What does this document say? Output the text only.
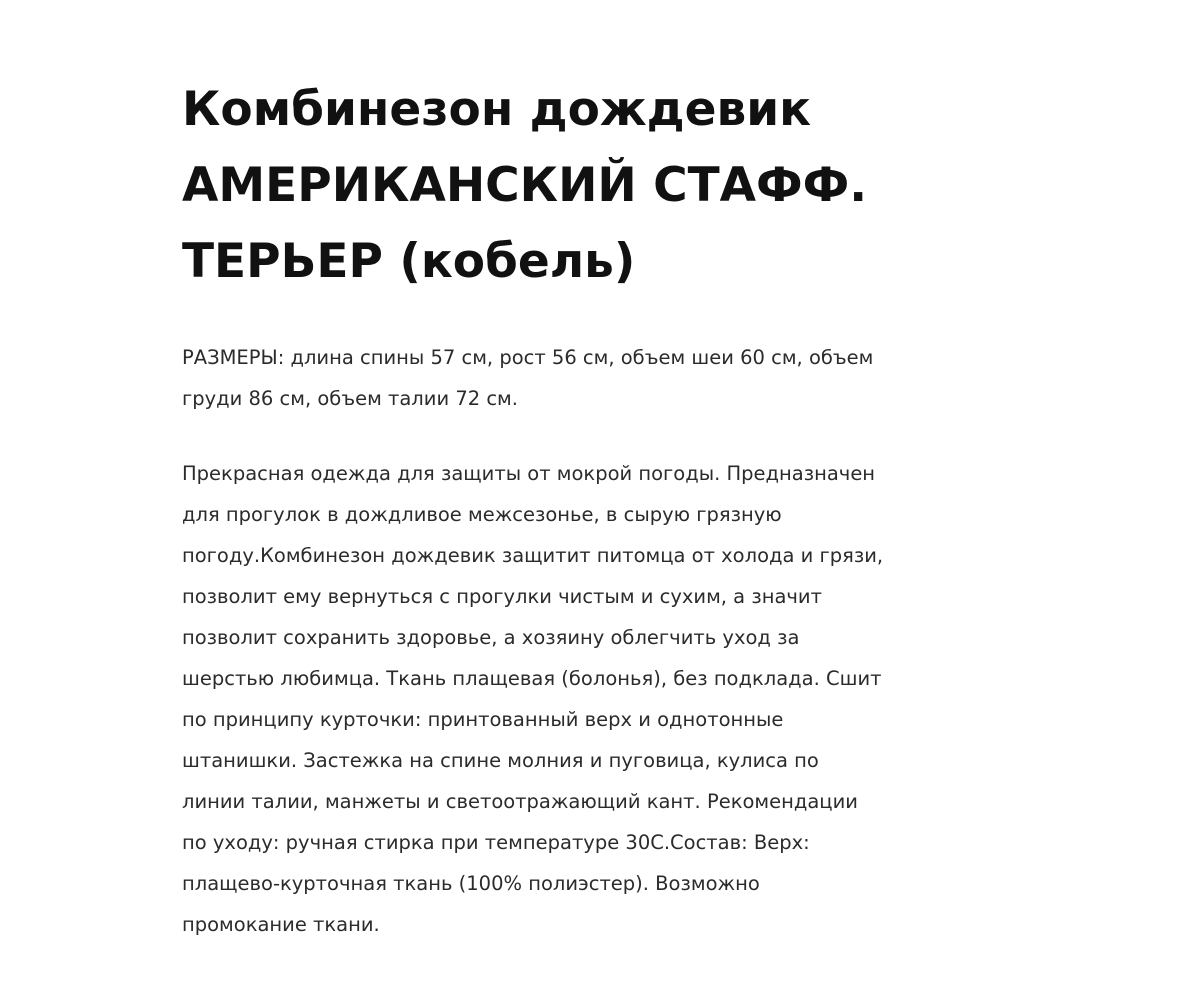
Комбинезон дождевик
АМЕРИКАНСКИЙ СТАФФ.
ТЕРЬЕР (кобель)

РАЗМЕРЫ: длина спины 57 см, рост 56 см, объем шеи 60 см, объем
груди 86 см, объем талии 72 см.

Прекрасная одежда для защиты от мокрой погоды. Предназначен
для прогулок в дождливое межсезонье, в сырую грязную
погоду.Комбинезон дождевик защитит питомца от холода и грязи,
позволит ему вернуться с прогулки чистым и сухим, а значит
позволит сохранить здоровье, а хозяину облегчить уход за
шерстью любимца. Ткань плащевая (болонья), без подклада. Сшит
по принципу курточки: принтованный верх и однотонные
штанишки. Застежка на спине молния и пуговица, кулиса по
линии талии, манжеты и светоотражающий кант. Рекомендации
по уходу: ручная стирка при температуре 30С.Состав: Верх:
плащево-курточная ткань (100% полиэстер). Возможно
промокание ткани.
